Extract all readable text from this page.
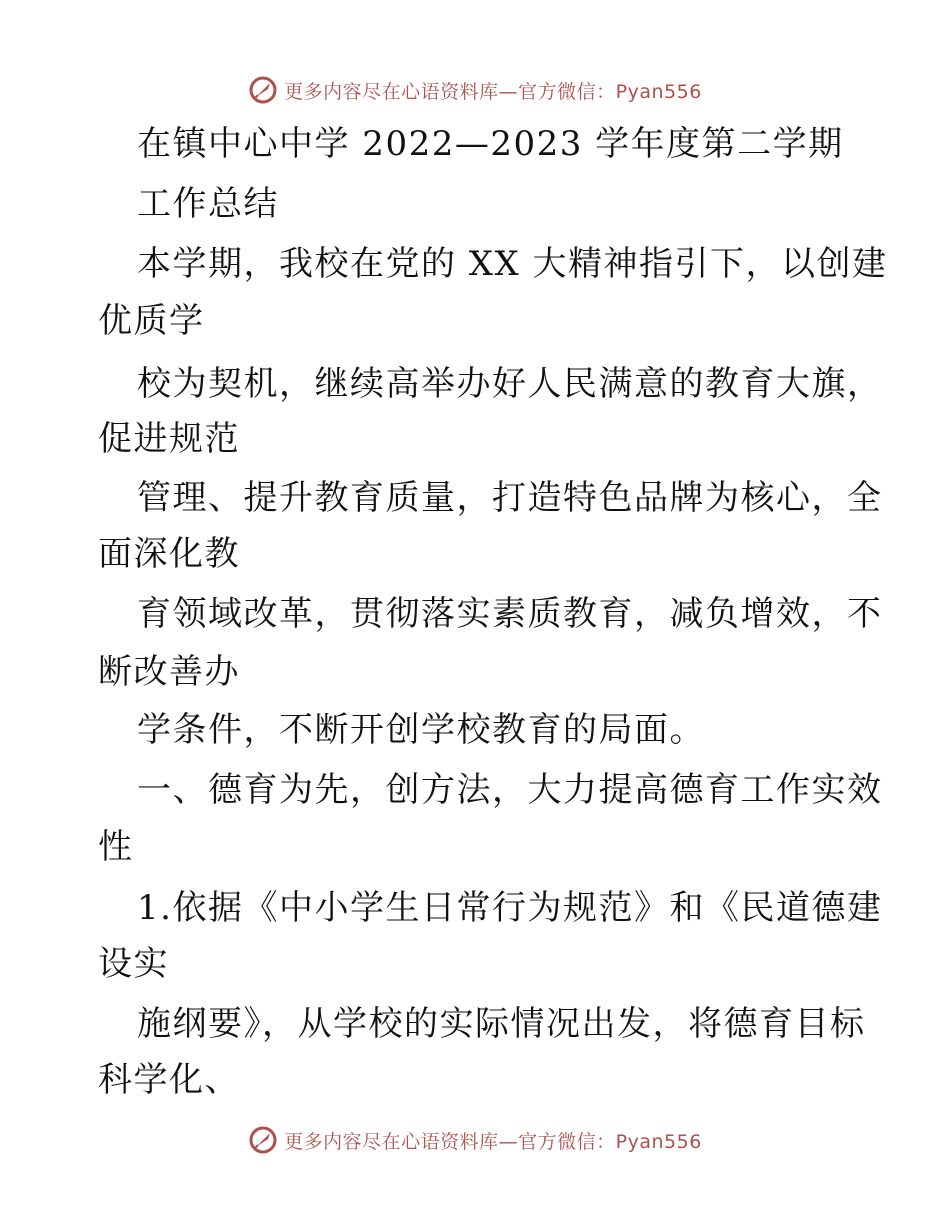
更多内容尽在心语资料库—官方微信：Pyan556
在镇中心中学 2022—2023 学年度第二学期
工作总结
本学期，我校在党的 XX 大精神指引下，以创建
优质学
校为契机，继续高举办好人民满意的教育大旗，
促进规范
管理、提升教育质量，打造特色品牌为核心，全
面深化教
育领域改革，贯彻落实素质教育，减负增效，不
断改善办
学条件，不断开创学校教育的局面。
一、德育为先，创方法，大力提高德育工作实效
性
1.依据《中小学生日常行为规范》和《民道德建
设实
施纲要》，从学校的实际情况出发，将德育目标
科学化、
更多内容尽在心语资料库—官方微信：Pyan556
